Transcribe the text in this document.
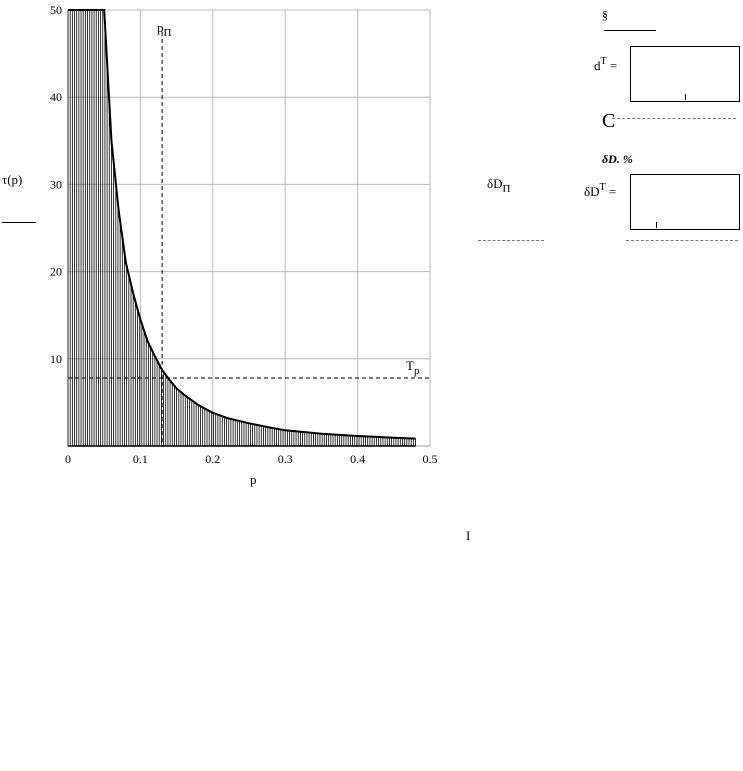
0	0.1	0.2	0.3	0.4	0.5
10
20
30
40
50
τ(p)
p
$p_\Pi$
$T_p$
§
$d^T$ =
C
δD. %
$\delta D_\Pi$	$\delta D^T$ =
I
